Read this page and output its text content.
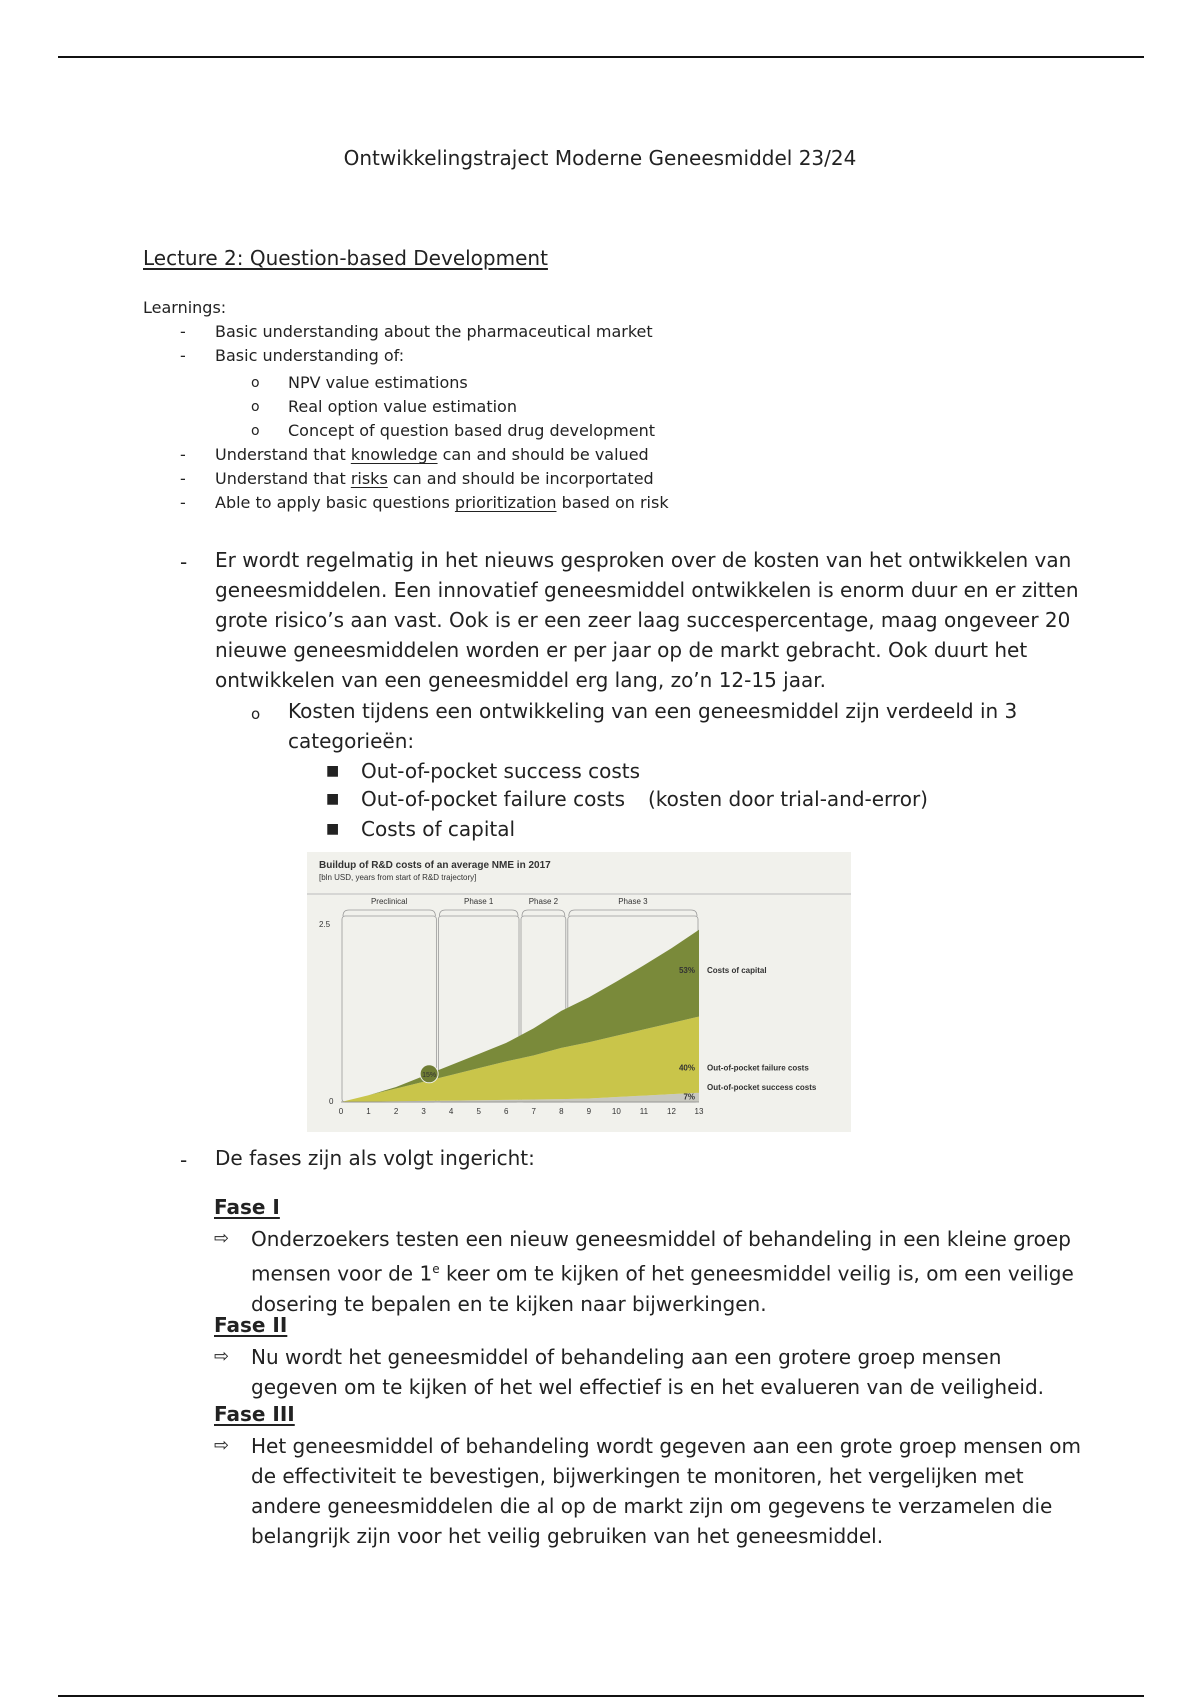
Ontwikkelingstraject Moderne Geneesmiddel 23/24
Lecture 2: Question-based Development
Learnings:
- Basic understanding about the pharmaceutical market
- Basic understanding of:
o NPV value estimations
o Real option value estimation
o Concept of question based drug development
- Understand that knowledge can and should be valued
- Understand that risks can and should be incorportated
- Able to apply basic questions prioritization based on risk
- Er wordt regelmatig in het nieuws gesproken over de kosten van het ontwikkelen van geneesmiddelen. Een innovatief geneesmiddel ontwikkelen is enorm duur en er zitten grote risico’s aan vast. Ook is er een zeer laag succespercentage, maag ongeveer 20 nieuwe geneesmiddelen worden er per jaar op de markt gebracht. Ook duurt het ontwikkelen van een geneesmiddel erg lang, zo’n 12-15 jaar.
o Kosten tijdens een ontwikkeling van een geneesmiddel zijn verdeeld in 3 categorieën:
■ Out-of-pocket success costs
■ Out-of-pocket failure costs (kosten door trial-and-error)
■ Costs of capital
Buildup of R&D costs of an average NME in 2017
[bln USD, years from start of R&D trajectory]
Preclinical	Phase 1	Phase 2	Phase 3
0	1	2	3	4	5	6	7	8	9	10 11 12 13
0
2.5
15%
53% Costs of capital
40% Out-of-pocket failure costs
7%
Out-of-pocket success costs
- De fases zijn als volgt ingericht:
Fase I
⇨ Onderzoekers testen een nieuw geneesmiddel of behandeling in een kleine groep mensen voor de 1e keer om te kijken of het geneesmiddel veilig is, om een veilige dosering te bepalen en te kijken naar bijwerkingen.
Fase II
⇨ Nu wordt het geneesmiddel of behandeling aan een grotere groep mensen gegeven om te kijken of het wel effectief is en het evalueren van de veiligheid.
Fase III
⇨ Het geneesmiddel of behandeling wordt gegeven aan een grote groep mensen om de effectiviteit te bevestigen, bijwerkingen te monitoren, het vergelijken met andere geneesmiddelen die al op de markt zijn om gegevens te verzamelen die belangrijk zijn voor het veilig gebruiken van het geneesmiddel.
